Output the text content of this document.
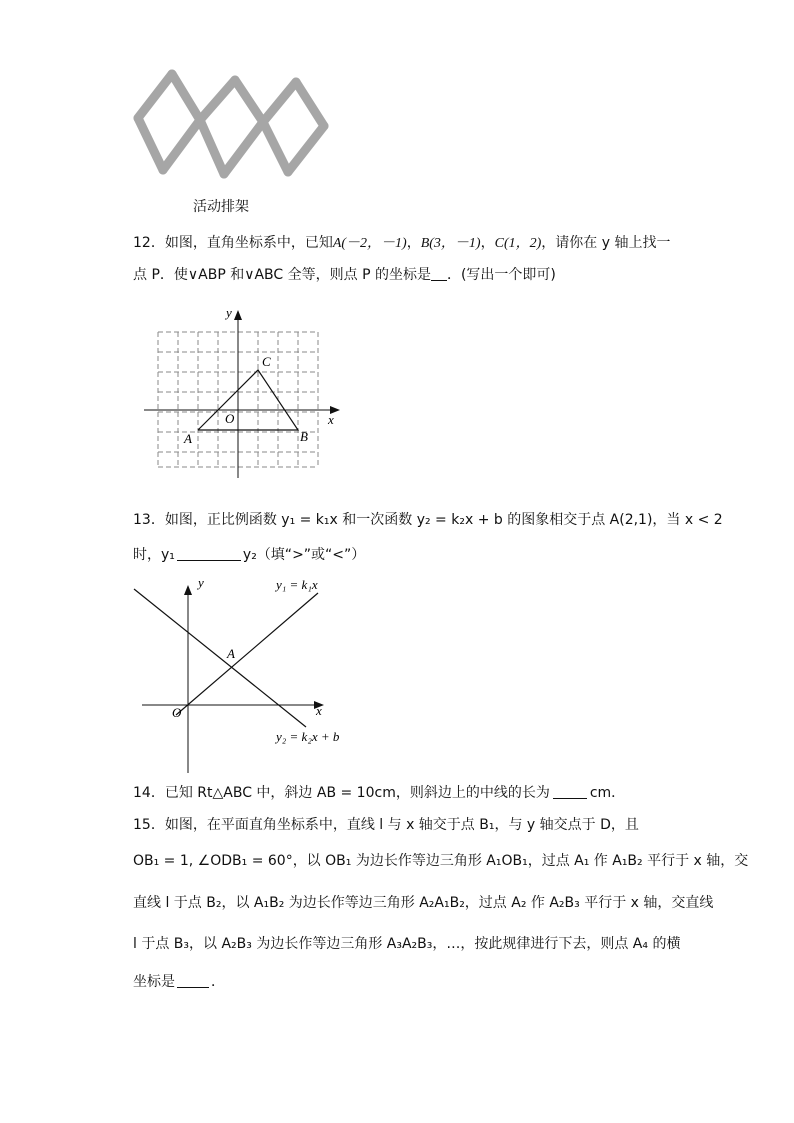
活动排架
12．如图，直角坐标系中，已知A(－2，－1)，B(3，－1)，C(1，2)，请你在 y 轴上找一
点 P．使∨ABP 和∨ABC 全等，则点 P 的坐标是 ．(写出一个即可)
y
x
O
A	B
C
13．如图，正比例函数 y₁ = k₁x 和一次函数 y₂ = k₂x + b 的图象相交于点 A(2,1)，当 x < 2
时，y₁	y₂（填“>”或“<”）
y
x
O
A
y₁ = k₁x
y₂ = k₂x + b
14．已知 Rt△ABC 中，斜边 AB = 10cm，则斜边上的中线的长为	cm．
15．如图，在平面直角坐标系中，直线 l 与 x 轴交于点 B₁，与 y 轴交点于 D，且
OB₁ = 1, ∠ODB₁ = 60°，以 OB₁ 为边长作等边三角形 A₁OB₁，过点 A₁ 作 A₁B₂ 平行于 x 轴，交
直线 l 于点 B₂，以 A₁B₂ 为边长作等边三角形 A₂A₁B₂，过点 A₂ 作 A₂B₃ 平行于 x 轴，交直线
l 于点 B₃，以 A₂B₃ 为边长作等边三角形 A₃A₂B₃，…，按此规律进行下去，则点 A₄ 的横
坐标是	．
